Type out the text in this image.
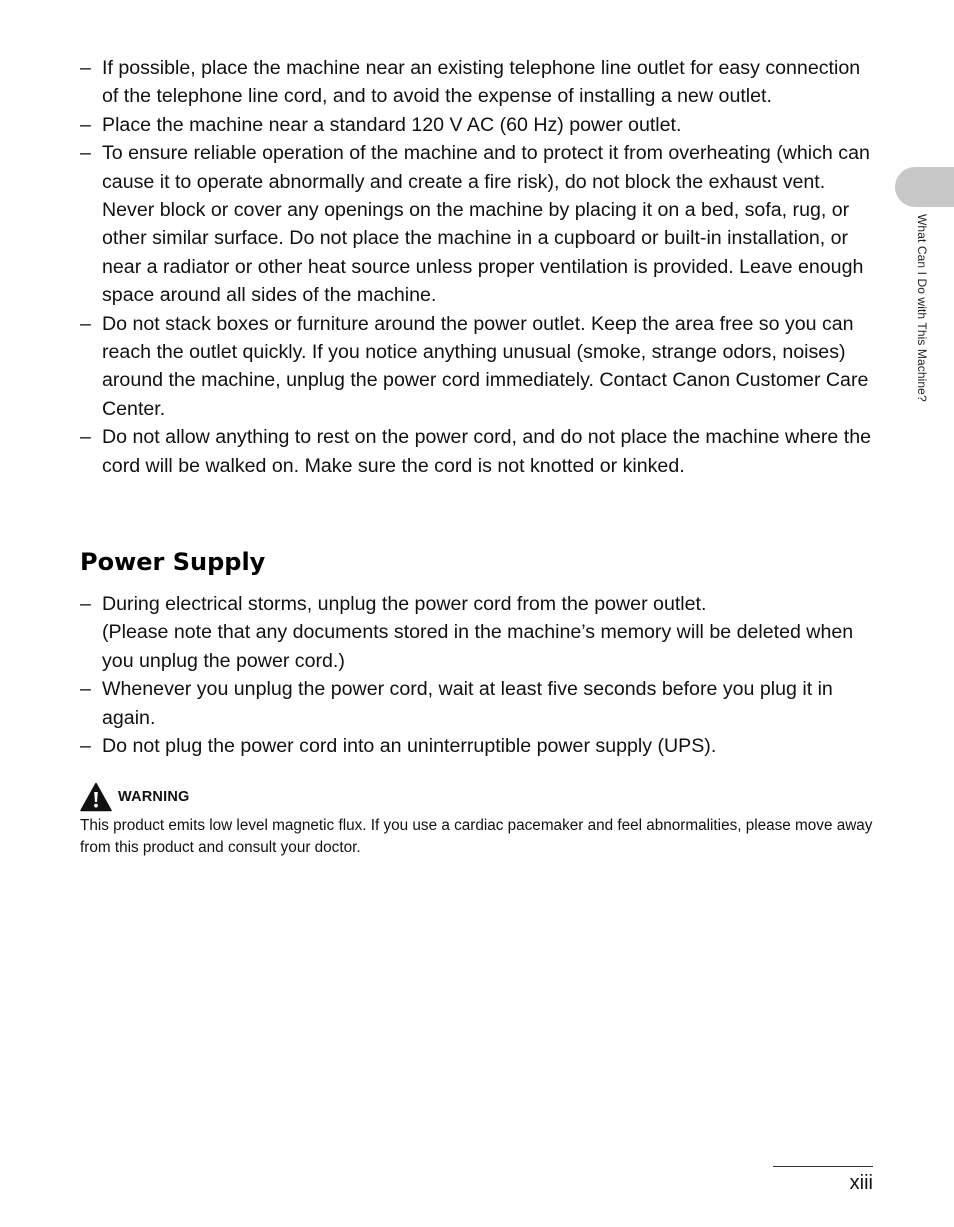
What Can I Do with This Machine?
– If possible, place the machine near an existing telephone line outlet for easy connection of the telephone line cord, and to avoid the expense of installing a new outlet.
– Place the machine near a standard 120 V AC (60 Hz) power outlet.
– To ensure reliable operation of the machine and to protect it from overheating (which can cause it to operate abnormally and create a fire risk), do not block the exhaust vent. Never block or cover any openings on the machine by placing it on a bed, sofa, rug, or other similar surface. Do not place the machine in a cupboard or built-in installation, or near a radiator or other heat source unless proper ventilation is provided. Leave enough space around all sides of the machine.
– Do not stack boxes or furniture around the power outlet. Keep the area free so you can reach the outlet quickly. If you notice anything unusual (smoke, strange odors, noises) around the machine, unplug the power cord immediately. Contact Canon Customer Care Center.
– Do not allow anything to rest on the power cord, and do not place the machine where the cord will be walked on. Make sure the cord is not knotted or kinked.
Power Supply
– During electrical storms, unplug the power cord from the power outlet.
(Please note that any documents stored in the machine’s memory will be deleted when you unplug the power cord.)
– Whenever you unplug the power cord, wait at least five seconds before you plug it in again.
– Do not plug the power cord into an uninterruptible power supply (UPS).
WARNING

This product emits low level magnetic flux. If you use a cardiac pacemaker and feel abnormalities, please move away from this product and consult your doctor.

xiii
